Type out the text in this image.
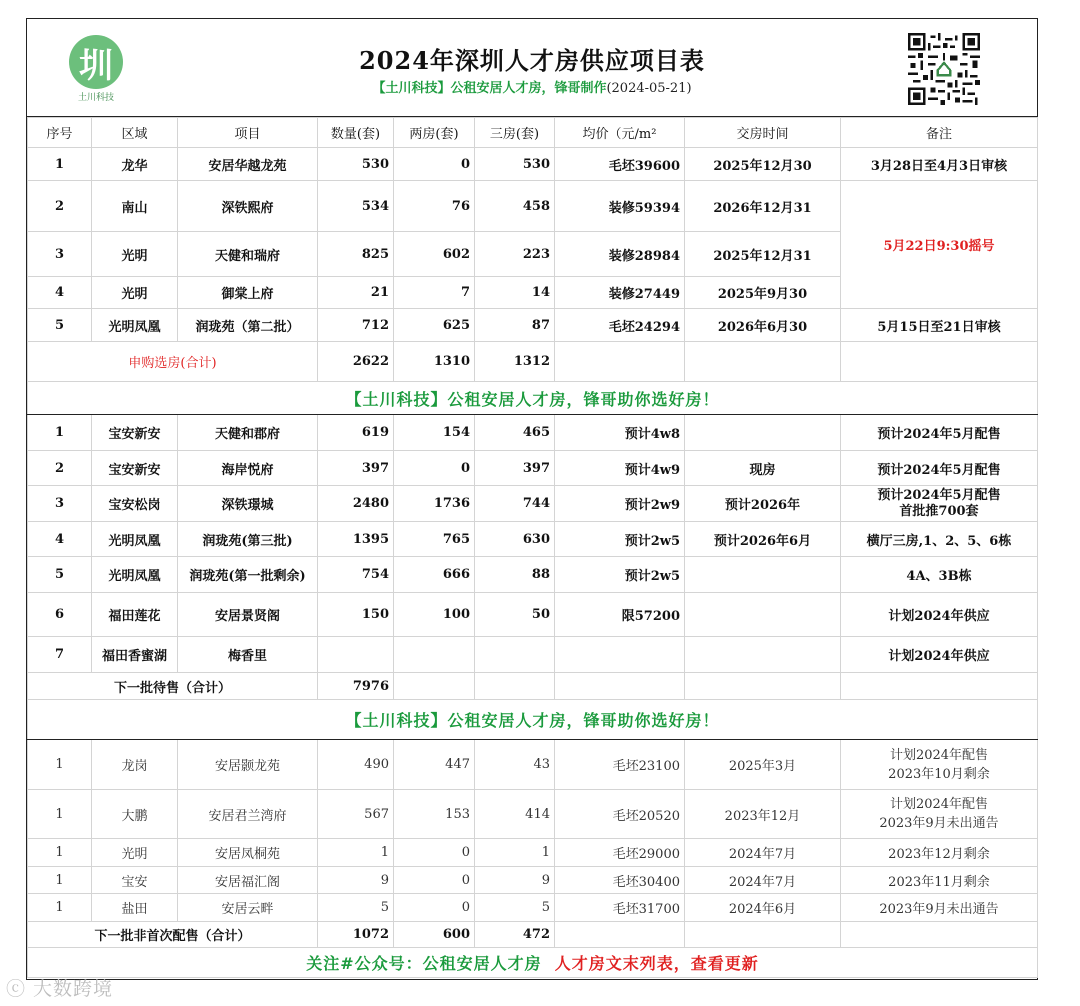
圳
土川科技
2024年深圳人才房供应项目表
【土川科技】公租安居人才房，锋哥制作(2024-05-21)
序号	区域	项目	数量(套)	两房(套)	三房(套)	均价（元/m²	交房时间	备注
1	龙华	安居华越龙苑	530	0	530	毛坯39600	2025年12月30	3月28日至4月3日审核
2	南山	深铁熙府	534	76	458	装修59394	2026年12月31	5月22日9:30摇号
3	光明	天健和瑞府	825	602	223	装修28984	2025年12月31	
4	光明	御棠上府	21	7	14	装修27449	2025年9月30	
5	光明凤凰	润珑苑（第二批）	712	625	87	毛坯24294	2026年6月30	5月15日至21日审核
申购选房(合计)			2622	1310	1312			
【土川科技】公租安居人才房，锋哥助你选好房！								
1	宝安新安	天健和郡府	619	154	465	预计4w8		预计2024年5月配售
2	宝安新安	海岸悦府	397	0	397	预计4w9	现房	预计2024年5月配售
3	宝安松岗	深铁璟城	2480	1736	744	预计2w9	预计2026年	预计2024年5月配售
首批推700套

4	光明凤凰	润珑苑(第三批)	1395	765	630	预计2w5	预计2026年6月	横厅三房,1、2、5、6栋
5	光明凤凰	润珑苑(第一批剩余)	754	666	88	预计2w5		4A、3B栋
6	福田莲花	安居景贤阁	150	100	50	限57200		计划2024年供应
7	福田香蜜湖	梅香里						计划2024年供应
下一批待售（合计）			7976					
【土川科技】公租安居人才房，锋哥助你选好房！								
1	龙岗	安居颢龙苑	490	447	43	毛坯23100	2025年3月	计划2024年配售
2023年10月剩余

1	大鹏	安居君兰湾府	567	153	414	毛坯20520	2023年12月	计划2024年配售
2023年9月未出通告

1	光明	安居凤桐苑	1	0	1	毛坯29000	2024年7月	2023年12月剩余
1	宝安	安居福汇阁	9	0	9	毛坯30400	2024年7月	2023年11月剩余
1	盐田	安居云畔	5	0	5	毛坯31700	2024年6月	2023年9月未出通告
下一批非首次配售（合计）			1072	600	472			
关注#公众号：公租安居人才房 人才房文末列表，查看更新								
ⓒ 大数跨境
